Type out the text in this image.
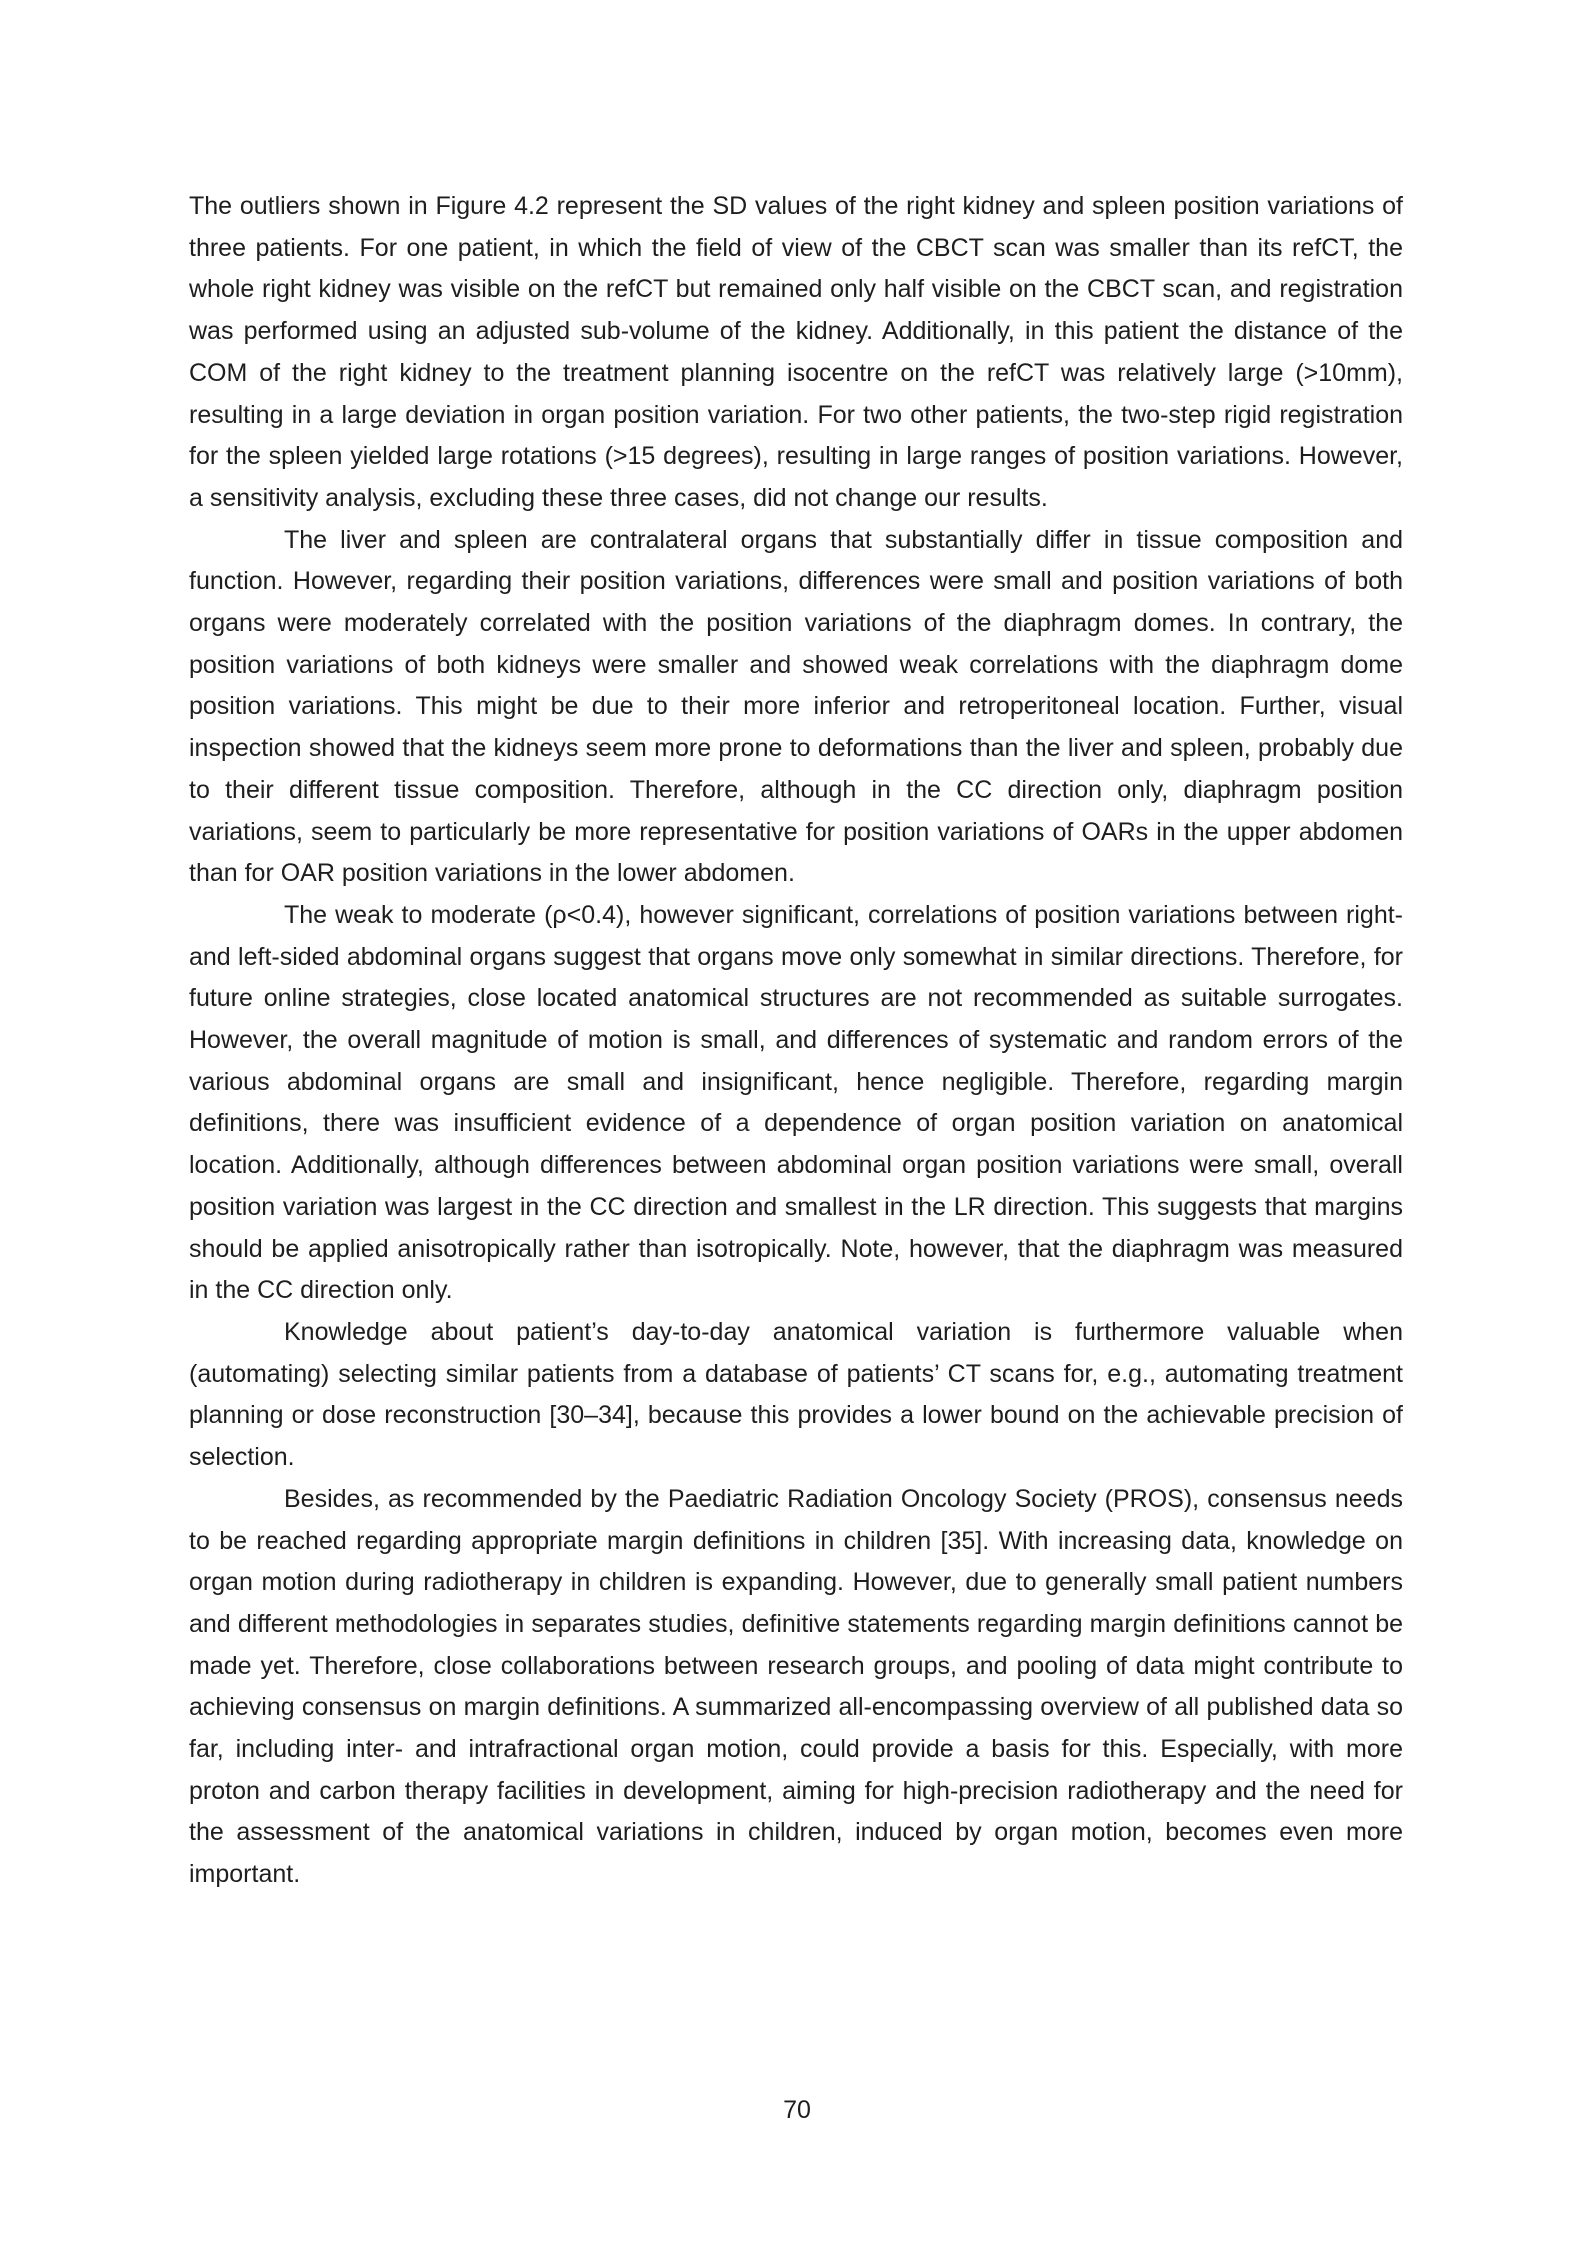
The outliers shown in Figure 4.2 represent the SD values of the right kidney and spleen position variations of three patients. For one patient, in which the field of view of the CBCT scan was smaller than its refCT, the whole right kidney was visible on the refCT but remained only half visible on the CBCT scan, and registration was performed using an adjusted sub-volume of the kidney. Additionally, in this patient the distance of the COM of the right kidney to the treatment planning isocentre on the refCT was relatively large (>10mm), resulting in a large deviation in organ position variation. For two other patients, the two-step rigid registration for the spleen yielded large rotations (>15 degrees), resulting in large ranges of position variations. However, a sensitivity analysis, excluding these three cases, did not change our results.

The liver and spleen are contralateral organs that substantially differ in tissue composition and function. However, regarding their position variations, differences were small and position variations of both organs were moderately correlated with the position variations of the diaphragm domes. In contrary, the position variations of both kidneys were smaller and showed weak correlations with the diaphragm dome position variations. This might be due to their more inferior and retroperitoneal location. Further, visual inspection showed that the kidneys seem more prone to deformations than the liver and spleen, probably due to their different tissue composition. Therefore, although in the CC direction only, diaphragm position variations, seem to particularly be more representative for position variations of OARs in the upper abdomen than for OAR position variations in the lower abdomen.

The weak to moderate (ρ<0.4), however significant, correlations of position variations between right- and left-sided abdominal organs suggest that organs move only somewhat in similar directions. Therefore, for future online strategies, close located anatomical structures are not recommended as suitable surrogates. However, the overall magnitude of motion is small, and differences of systematic and random errors of the various abdominal organs are small and insignificant, hence negligible. Therefore, regarding margin definitions, there was insufficient evidence of a dependence of organ position variation on anatomical location. Additionally, although differences between abdominal organ position variations were small, overall position variation was largest in the CC direction and smallest in the LR direction. This suggests that margins should be applied anisotropically rather than isotropically. Note, however, that the diaphragm was measured in the CC direction only.

Knowledge about patient’s day-to-day anatomical variation is furthermore valuable when (automating) selecting similar patients from a database of patients’ CT scans for, e.g., automating treatment planning or dose reconstruction [30–34], because this provides a lower bound on the achievable precision of selection.

Besides, as recommended by the Paediatric Radiation Oncology Society (PROS), consensus needs to be reached regarding appropriate margin definitions in children [35]. With increasing data, knowledge on organ motion during radiotherapy in children is expanding. However, due to generally small patient numbers and different methodologies in separates studies, definitive statements regarding margin definitions cannot be made yet. Therefore, close collaborations between research groups, and pooling of data might contribute to achieving consensus on margin definitions. A summarized all-encompassing overview of all published data so far, including inter- and intrafractional organ motion, could provide a basis for this. Especially, with more proton and carbon therapy facilities in development, aiming for high-precision radiotherapy and the need for the assessment of the anatomical variations in children, induced by organ motion, becomes even more important.

70
